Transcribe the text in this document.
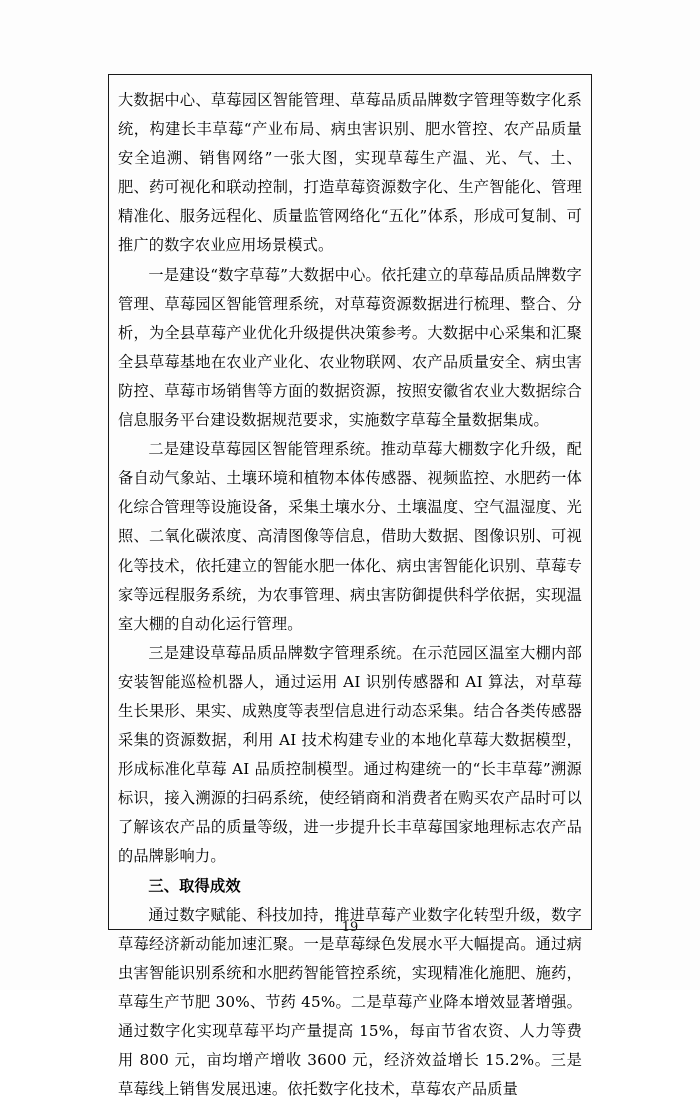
大数据中心、草莓园区智能管理、草莓品质品牌数字管理等数字化系统，构建长丰草莓“产业布局、病虫害识别、肥水管控、农产品质量安全追溯、销售网络”一张大图，实现草莓生产温、光、气、土、肥、药可视化和联动控制，打造草莓资源数字化、生产智能化、管理精准化、服务远程化、质量监管网络化“五化”体系，形成可复制、可推广的数字农业应用场景模式。

一是建设“数字草莓”大数据中心。依托建立的草莓品质品牌数字管理、草莓园区智能管理系统，对草莓资源数据进行梳理、整合、分析，为全县草莓产业优化升级提供决策参考。大数据中心采集和汇聚全县草莓基地在农业产业化、农业物联网、农产品质量安全、病虫害防控、草莓市场销售等方面的数据资源，按照安徽省农业大数据综合信息服务平台建设数据规范要求，实施数字草莓全量数据集成。

二是建设草莓园区智能管理系统。推动草莓大棚数字化升级，配备自动气象站、土壤环境和植物本体传感器、视频监控、水肥药一体化综合管理等设施设备，采集土壤水分、土壤温度、空气温湿度、光照、二氧化碳浓度、高清图像等信息，借助大数据、图像识别、可视化等技术，依托建立的智能水肥一体化、病虫害智能化识别、草莓专家等远程服务系统，为农事管理、病虫害防御提供科学依据，实现温室大棚的自动化运行管理。

三是建设草莓品质品牌数字管理系统。在示范园区温室大棚内部安装智能巡检机器人，通过运用 AI 识别传感器和 AI 算法，对草莓生长果形、果实、成熟度等表型信息进行动态采集。结合各类传感器采集的资源数据，利用 AI 技术构建专业的本地化草莓大数据模型，形成标准化草莓 AI 品质控制模型。通过构建统一的“长丰草莓”溯源标识，接入溯源的扫码系统，使经销商和消费者在购买农产品时可以了解该农产品的质量等级，进一步提升长丰草莓国家地理标志农产品的品牌影响力。

三、取得成效

通过数字赋能、科技加持，推进草莓产业数字化转型升级，数字草莓经济新动能加速汇聚。一是草莓绿色发展水平大幅提高。通过病虫害智能识别系统和水肥药智能管控系统，实现精准化施肥、施药，草莓生产节肥 30%、节药 45%。二是草莓产业降本增效显著增强。通过数字化实现草莓平均产量提高 15%，每亩节省农资、人力等费用 800 元，亩均增产增收 3600 元，经济效益增长 15.2%。三是草莓线上销售发展迅速。依托数字化技术，草莓农产品质量

19
